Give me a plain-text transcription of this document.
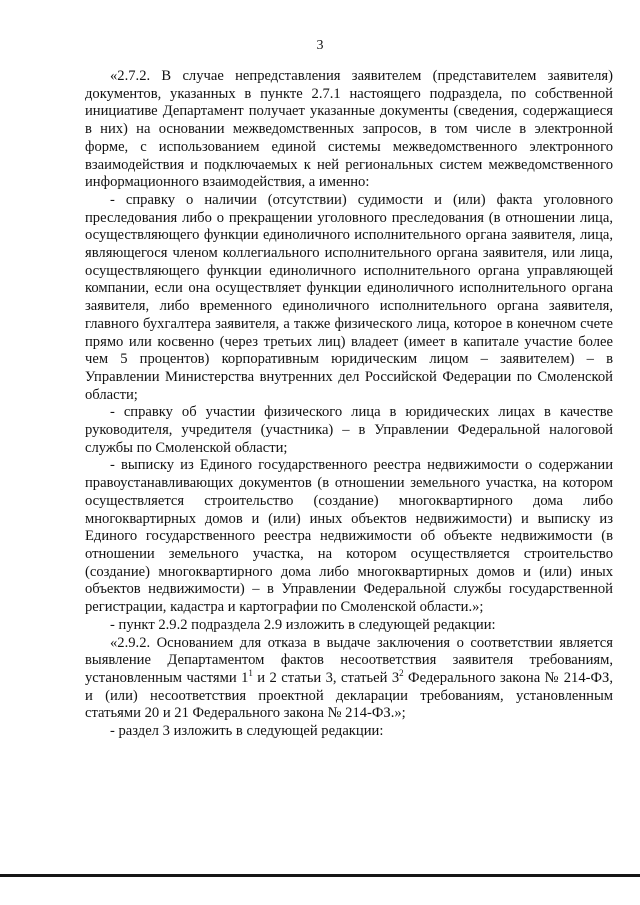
3

«2.7.2. В случае непредставления заявителем (представителем заявителя) документов, указанных в пункте 2.7.1 настоящего подраздела, по собственной инициативе Департамент получает указанные документы (сведения, содержащиеся в них) на основании межведомственных запросов, в том числе в электронной форме, с использованием единой системы межведомственного электронного взаимодействия и подключаемых к ней региональных систем межведомственного информационного взаимодействия, а именно:

- справку о наличии (отсутствии) судимости и (или) факта уголовного преследования либо о прекращении уголовного преследования (в отношении лица, осуществляющего функции единоличного исполнительного органа заявителя, лица, являющегося членом коллегиального исполнительного органа заявителя, или лица, осуществляющего функции единоличного исполнительного органа управляющей компании, если она осуществляет функции единоличного исполнительного органа заявителя, либо временного единоличного исполнительного органа заявителя, главного бухгалтера заявителя, а также физического лица, которое в конечном счете прямо или косвенно (через третьих лиц) владеет (имеет в капитале участие более чем 5 процентов) корпоративным юридическим лицом – заявителем) – в Управлении Министерства внутренних дел Российской Федерации по Смоленской области;

- справку об участии физического лица в юридических лицах в качестве руководителя, учредителя (участника) – в Управлении Федеральной налоговой службы по Смоленской области;

- выписку из Единого государственного реестра недвижимости о содержании правоустанавливающих документов (в отношении земельного участка, на котором осуществляется строительство (создание) многоквартирного дома либо многоквартирных домов и (или) иных объектов недвижимости) и выписку из Единого государственного реестра недвижимости об объекте недвижимости (в отношении земельного участка, на котором осуществляется строительство (создание) многоквартирного дома либо многоквартирных домов и (или) иных объектов недвижимости) – в Управлении Федеральной службы государственной регистрации, кадастра и картографии по Смоленской области.»;

- пункт 2.9.2 подраздела 2.9 изложить в следующей редакции:

«2.9.2. Основанием для отказа в выдаче заключения о соответствии является выявление Департаментом фактов несоответствия заявителя требованиям, установленным частями $1^1$ и 2 статьи 3, статьей $3^2$ Федерального закона № 214-ФЗ, и (или) несоответствия проектной декларации требованиям, установленным статьями 20 и 21 Федерального закона № 214-ФЗ.»;

- раздел 3 изложить в следующей редакции:
